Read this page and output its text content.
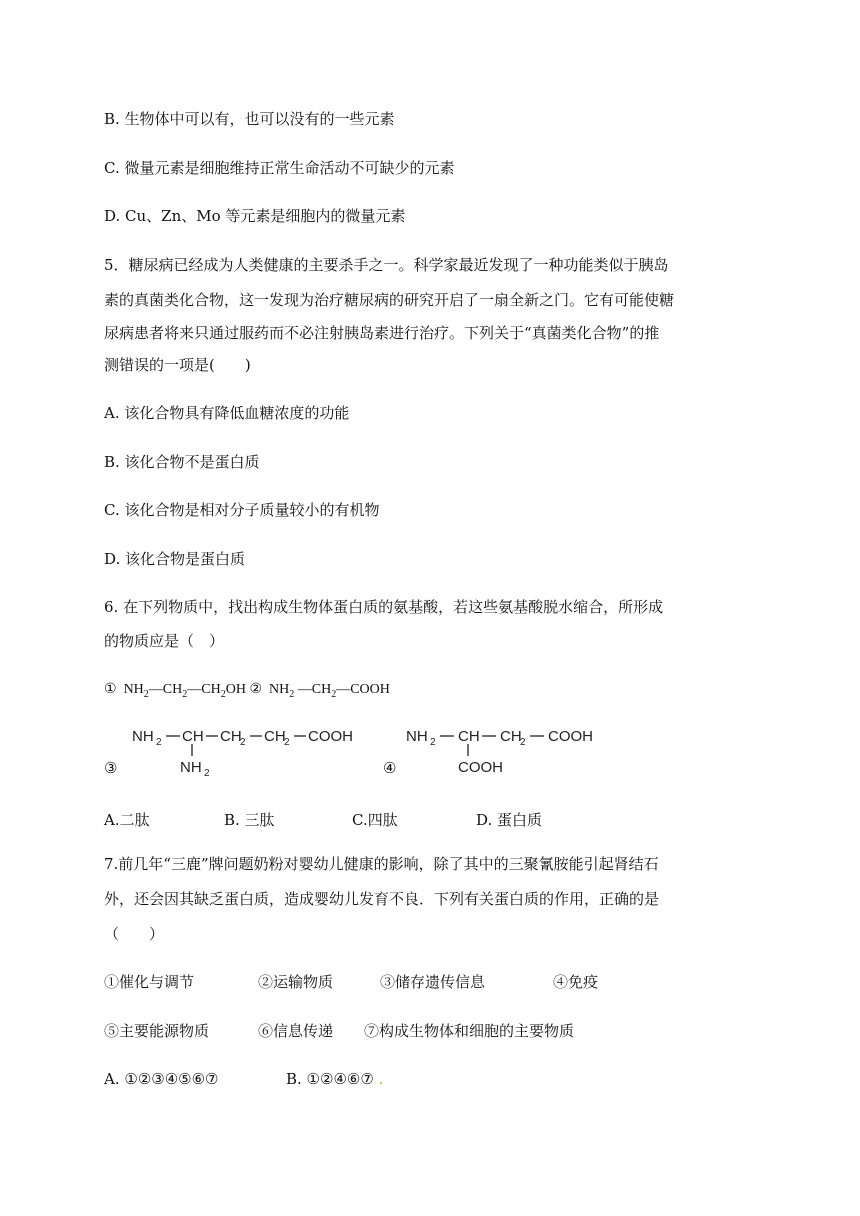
B. 生物体中可以有，也可以没有的一些元素
C. 微量元素是细胞维持正常生命活动不可缺少的元素
D. Cu、Zn、Mo 等元素是细胞内的微量元素
5．糖尿病已经成为人类健康的主要杀手之一。科学家最近发现了一种功能类似于胰岛
素的真菌类化合物，这一发现为治疗糖尿病的研究开启了一扇全新之门。它有可能使糖
尿病患者将来只通过服药而不必注射胰岛素进行治疗。下列关于“真菌类化合物”的推
测错误的一项是(　　)
A. 该化合物具有降低血糖浓度的功能
B. 该化合物不是蛋白质
C. 该化合物是相对分子质量较小的有机物
D. 该化合物是蛋白质
6. 在下列物质中，找出构成生物体蛋白质的氨基酸，若这些氨基酸脱水缩合，所形成
的物质应是（　）
① $NH_2—CH_2—CH_2OH$ ② $NH_2$ $—CH_2—COOH$
③
NH 2 CH CH
2 CH
2 COOH
NH 2	④
NH 2 CH CH
2 COOH
COOH
A.二肽	B. 三肽	C.四肽	D. 蛋白质
7.前几年“三鹿”牌问题奶粉对婴幼儿健康的影响，除了其中的三聚氰胺能引起肾结石
外，还会因其缺乏蛋白质，造成婴幼儿发育不良．下列有关蛋白质的作用，正确的是
（　　）
①催化与调节	②运输物质	③储存遗传信息	④免疫
⑤主要能源物质	⑥信息传递 ⑦构成生物体和细胞的主要物质
A. ①②③④⑤⑥⑦	B. ①②④⑥⑦ .
